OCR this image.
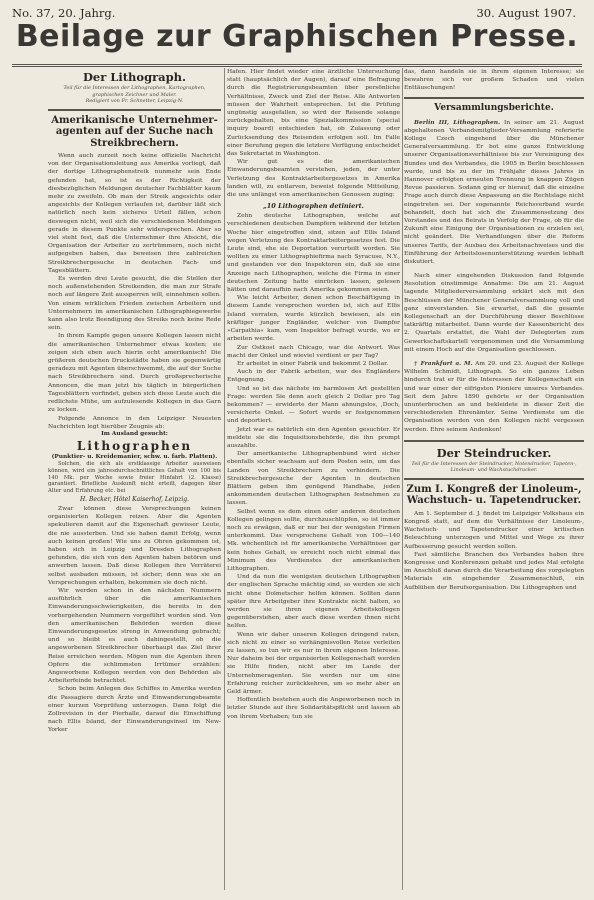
No. 37, 20. Jahrg.	30. August 1907.
Beilage zur Graphischen Presse.
Der Lithograph.
Teil für die Interessen der Lithographen, Kartographen, graphischen Zeichner und Maler.
Redigiert von Fr. Schnetter, Leipzig-N.
Amerikanische Unternehmer-agenten auf der Suche nach Streikbrechern.

Wenn auch zurzeit noch keine offizielle Nachricht von der Organisationsleitung aus Amerika vorliegt, daß der dortige Lithographenstreik nunmehr sein Ende gefunden hat, so ist es der Richtigkeit der diesbezüglichen Meldungen deutscher Fachblätter kaum mehr zu zweifeln. Ob man der Streik angesichts oder angesichts der Kollegen verlaufen ist, darüber läßt sich natürlich noch kein sicheres Urteil fällen, schon deswegen nicht, weil sich die verschiedenen Meldungen gerade in diesem Punkte sehr widersprechen. Aber so viel steht fest, daß die Unternehmer ihre Absicht, die Organisation der Arbeiter zu zertrümmern, noch nicht aufgegeben haben, das beweisen ihre zahlreichen Streikbrechergesuche in deutschen Fach- und Tagesblättern.

Es werden drei Leute gesucht, die die Stellen der noch außenstehenden Streikenden, die man zur Strafe noch auf längere Zeit aussperren will, einnehmen sollen. Von einem wirklichen Frieden zwischen Arbeitern und Unternehmern im amerikanischen Lithographiegewerbe kann also trotz Beendigung des Streiks noch keine Rede sein.

In ihrem Kampfe gegen unsere Kollegen lassen nicht die amerikanischen Unternehmer etwas kosten; sie zeigen sich eben auch hierin echt amerikanisch! Die größeren deutschen Druckstädte haben sie gegenwärtig geradezu mit Agenten überschwemmt, die auf der Suche nach Streikbrechern sind. Durch großsprecherische Annoncen, die man jetzt bis täglich in bürgerlichen Tagesblättern vorfindet, geben sich diese Leute auch die redlichste Mühe, um aufzulesende Kollegen in das Garn zu locken.

Folgende Annonce in den Leipziger Neuesten Nachrichten legt hierüber Zeugnis ab:

Im Ausland gesucht:
Lithographen
(Punktier- u. Kreidemanier, schw. u. farb. Platten).

Solchen, die sich als erstklassige Arbeiter ausweisen können, wird ein jahresdurchschnittliches Gehalt von 100 bis 140 Mk. per Woche sowie freier Hinfahrt (2. Klasse) garantiert. Briefliche Auskunft nicht erteilt, dagegen über Alter und Erfahrung etc. bei

H. Becker, Hôtel Kaiserhof, Leipzig.

Zwar können diese Versprechungen keinen organisierten Kollegen reizen. Aber die Agenten spekulieren damit auf die Eigenschaft gewisser Leute, die nie aussterben. Und sie haben damit Erfolg, wenn auch keinen großen! Wie uns zu Ohren gekommen ist, haben sich in Leipzig und Dresden Lithographen gefunden, die sich von den Agenten haben betören und anwerben lassen. Daß diese Kollegen ihre Verräterei selbst ausbaden müssen, ist sicher; denn was sie an Versprechungen erhalten, bekommen sie doch nicht.

Wir werden schon in den nächsten Nummern ausführlich über die amerikanischen Einwanderungsschwierigkeiten, die bereits in den vorhergehenden Nummern vorgeführt worden sind. Von den amerikanischen Behörden werden diese Einwanderungsgesetze streng in Anwendung gebracht; und so bleibt es auch dahingestellt, ob die angeworbenen Streikbrecher überhaupt das Ziel ihrer Reise erreichen werden. Mögen nun die Agenten ihren Opfern die schlimmsten Irrtümer erzählen: Angeworbene Kollegen werden von den Behörden als Arbeiterfeinde betrachtet.

Schon beim Anlegen des Schiffes in Amerika werden die Passagiere durch Ärzte und Einwanderungsbeamte einer kurzen Vorprüfung unterzogen. Dann folgt die Zollrevision in der Pierhalle, darauf die Einschiffung nach Ellis Island, der Einwanderungsinsel im New-Yorker

Hafen. Hier findet wieder eine ärztliche Untersuchung statt (hauptsächlich der Augen), darauf eine Befragung durch die Registrierungsbeamten über persönliche Verhältnisse, Zweck und Ziel der Reise. Alle Antworten müssen der Wahrheit entsprechen. Ist die Prüfung ungünstig ausgefallen, so wird der Reisende solange zurückgehalten, bis eine Spezialkommission (special inquiry board) entschieden hat, ob Zulassung oder Zurücksendung des Reisenden erfolgen soll. Im Falle einer Berufung gegen die letztere Verfügung entscheidet das Sekretariat in Washington.

Wir gut es die amerikanischen Einwanderungsbeamten verstehen, jeden, der unter Verletzung des Kontraktarbeitergesetzes in Amerika landen will, zu entlarven, beweist folgende Mitteilung, die uns unlängst von amerikanischen Genossen zuging:

„10 Lithographen detiniert.

Zehn deutsche Lithographen, welche auf verschiedenen deutschen Dampfern während der letzten Woche hier eingetroffen sind, sitzen auf Ellis Island wegen Verletzung des Kontraktarbeitergesetzes fest. Die Leute sind, ehe sie Deportation verurteilt worden. Sie wollten zu einer Lithographiefirma nach Syracuse, N.Y., und gestanden vor den Inspektoren ein, daß sie eine Anzeige nach Lithographen, welche die Firma in einer deutschen Zeitung hatte einrücken lassen, gelesen hätten und daraufhin nach Amerika gekommen seien.

Wie leicht Arbeiter, denen schon Beschäftigung in diesem Lande versprochen worden ist, sich auf Ellis Island verraten, wurde kürzlich bewiesen, als ein kräftiger junger Engländer, welcher von Dampfer »Carpathia« kam, vom Inspektor befragt wurde, wo er arbeiten werde.

Zur Ostkost nach Chicago, war die Antwort. Was macht der Onkel und wieviel verdient er per Tag?

Er arbeitet in einer Fabrik und bekommt 2 Dollar.

Auch in der Fabrik arbeiten, war des Engländers Entgegnung.

Und so ist das nächste im harmlosen Art gestellten Frage: werden Sie denn auch gleich 2 Dollar pro Tag bekommen? — erwiderte der Mann ahnungslos, ,Doch, versicherte Onkel. — Sofort wurde er festgenommen und deportiert.

Jetzt war es natürlich ein den Agenten gesuchter. Er meldete sie die Inquisitionsbehörde, die ihn prompt auszahlte.

Der amerikanische Lithographenbund wird sicher ebenfalls sicher wachsam auf dem Posten sein, um das Landen von Streikbrechern zu verhindern. Die Streikbrechergesuche der Agenten in deutschen Blättern geben ihm genügend Handhabe, jeden ankommenden deutschen Lithographen festnehmen zu lassen.

Selbst wenn es dem einen oder anderen deutschen Kollegen gelingen sollte, durchzuschlüpfen, so ist immer noch zu erwägen, daß er nur bei der wenigsten Firmen unterkommt. Das versprochene Gehalt von 100—140 Mk. wöchentlich ist für amerikanische Verhältnisse gar kein hohes Gehalt, es erreicht noch nicht einmal das Minimum des Verdienstes der amerikanischen Lithographen.

Und da nun die wenigsten deutschen Lithographen der englischen Sprache mächtig sind, so werden sie sich nicht ohne Dolmetscher helfen können. Sollten dann später ihre Arbeitgeber ihre Kontrakte nicht halten, so werden sie ihren eigenen Arbeitskollegen gegenüberstehen, aber auch diese werden ihnen nicht helfen.

Wenn wir daher unseren Kollegen dringend raten, sich nicht zu einer so verhängnisvollen Reise verleiten zu lassen, so tun wir es nur in ihrem eigenen Interesse. Nur daheim bei der organisierten Kollegenschaft werden sie Hilfe finden, nicht aber im Lande der Unternehmeragenten. Sie werden nur um eine Erfahrung reicher zurückkehren, um so mehr aber an Geld ärmer.

Hoffentlich bestehen auch die Angeworbenen noch in letzter Stunde auf ihre Solidaritätspflicht und lassen ab von ihrem Vorhaben; tun sie

das, dann handeln sie in ihrem eigenen Interesse; sie bewahren sich vor großem Schaden und vielen Enttäuschungen!

Versammlungsberichte.

Berlin III, Lithographen. In seiner am 21. August abgehaltenen Verbandsmitglieder-Versammlung referierte Kollege Czech eingehend über die Münchener Generalversammlung. Er bot eine ganze Entwicklung unserer Organisationsverhältnisse bis zur Vereinigung des Bundes und des Verbandes, die 1905 in Berlin beschlossen wurde, und bis zu der im Frühjahr dieses Jahres in Hannover erfolgten erneuten Trennung in knappen Zügen Revue passieren. Sodann ging er hierauf, daß die einzelne Frage auch durch diese Anpassung an die Rechtslage nicht eingetreten sei. Der sogenannte Reichsverband wurde behandelt, doch hat sich die Zusammensetzung des Vorstandes und des Beirats in Verfolg der Frage, ob für die Zukunft eine Einigung der Organisationen zu erzielen sei, nicht geändert. Die Verhandlungen über die Reform unseres Tarifs, der Ausbau des Arbeitsnachweises und die Einführung der Arbeitslosenunterstützung wurden lebhaft diskutiert.

Nach einer eingehenden Diskussion fand folgende Resolution einstimmige Annahme: Die am 21. August tagende Mitgliederversammlung erklärt sich mit den Beschlüssen der Münchener Generalversammlung voll und ganz einverstanden. Sie erwartet, daß die gesamte Kollegenschaft an der Durchführung dieser Beschlüsse tatkräftig mitarbeitet. Dann wurde der Kassenbericht des 2. Quartals erstattet, die Wahl der Delegierten zum Gewerkschaftskartell vorgenommen und die Versammlung mit einem Hoch auf die Organisation geschlossen.

† Frankfurt a. M. Am 29. und 23. August der Kollege Wilhelm Schmidt, Lithograph. So ein ganzes Leben hindurch trat er für die Interessen der Kollegenschaft ein und war einer der eifrigsten Pioniere unseres Verbandes. Seit dem Jahre 1890 gehörte er der Organisation ununterbrochen an und bekleidete in dieser Zeit die verschiedensten Ehrenämter. Seine Verdienste um die Organisation werden von den Kollegen nicht vergessen werden. Ehre seinem Andenken!

Der Steindrucker.
Teil für die Interessen der Steindrucker, Notendrucker, Tapeten-, Linoleum- und Wachstuchdrucker.
Zum I. Kongreß der Linoleum-, Wachstuch- u. Tapetendrucker.

Am 1. September d. J. findet im Leipziger Volkshaus ein Kongreß statt, auf dem die Verhältnisse der Linoleum-, Wachstuch- und Tapetendrucker einer kritischen Beleuchtung unterzogen und Mittel und Wege zu ihrer Aufbesserung gesucht werden sollen.

Fast sämtliche Branchen des Verbandes haben ihre Kongresse und Konferenzen gehabt und jedes Mal erfolgte im Anschluß daran durch die Verarbeitung des vorgelegten Materials ein eingehender Zusammenschluß, ein Aufblühen der Berufsorganisation. Die Lithographen und
